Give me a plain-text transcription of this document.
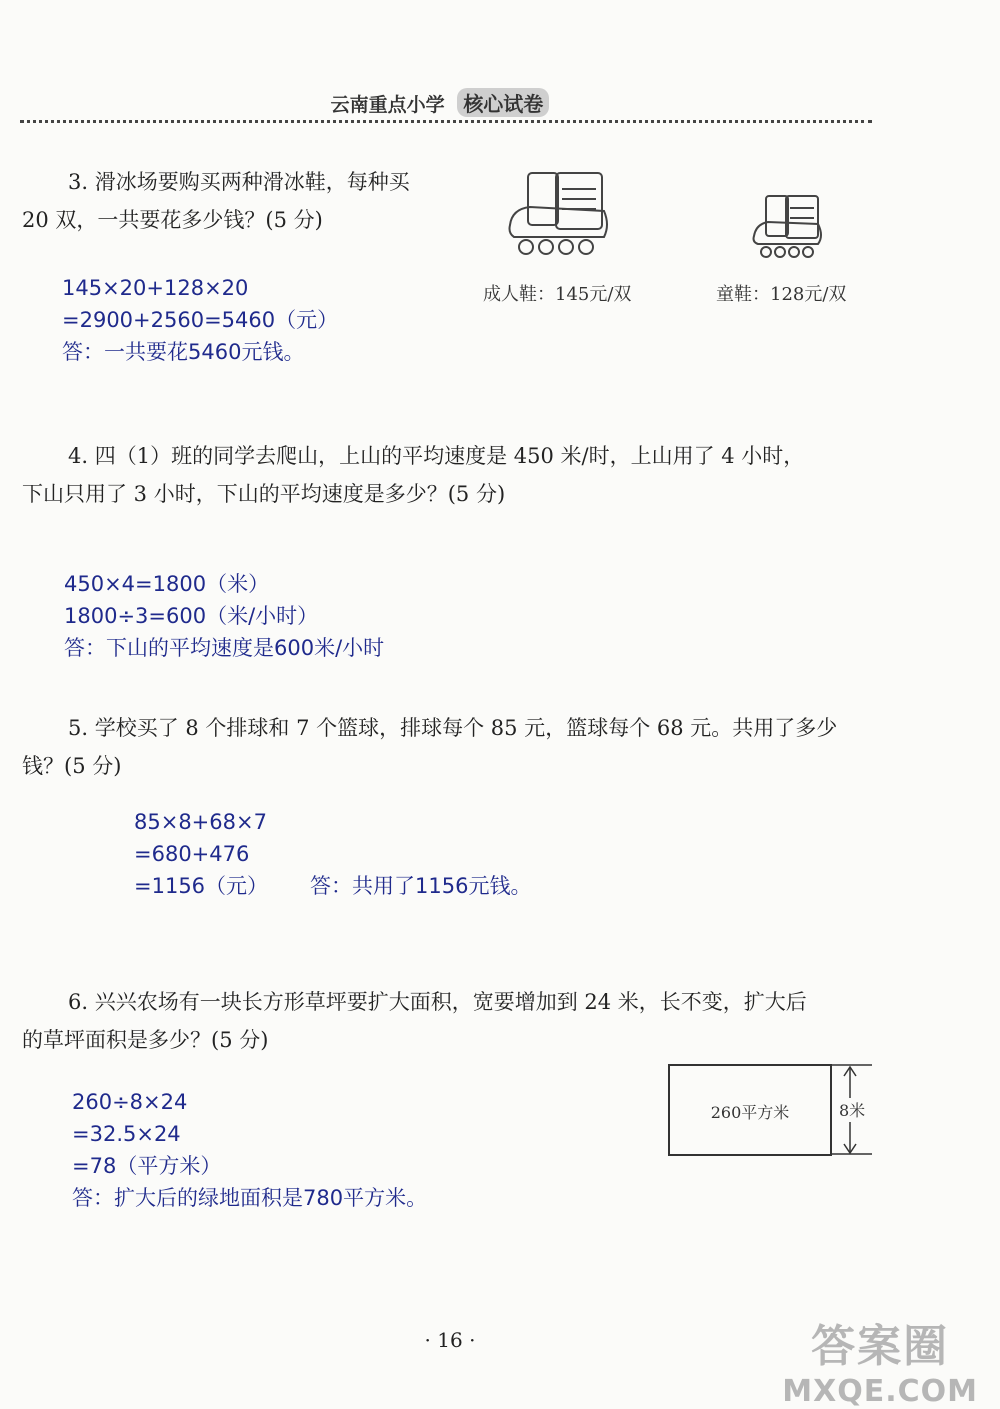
云南重点小学 核心试卷
3. 滑冰场要购买两种滑冰鞋，每种买
20 双，一共要花多少钱？(5 分)
成人鞋：145元/双	童鞋：128元/双
145×20+128×20
=2900+2560=5460（元）
答：一共要花5460元钱。
4. 四（1）班的同学去爬山，上山的平均速度是 450 米/时，上山用了 4 小时，
下山只用了 3 小时，下山的平均速度是多少？(5 分)
450×4=1800（米）
1800÷3=600（米/小时）
答：下山的平均速度是600米/小时
5. 学校买了 8 个排球和 7 个篮球，排球每个 85 元，篮球每个 68 元。共用了多少
钱？(5 分)
85×8+68×7
=680+476
=1156（元） 答：共用了1156元钱。
6. 兴兴农场有一块长方形草坪要扩大面积，宽要增加到 24 米，长不变，扩大后
的草坪面积是多少？(5 分)
260平方米	8米
260÷8×24
=32.5×24
=78（平方米）
答：扩大后的绿地面积是780平方米。
· 16 ·	答案圈
MXQE.COM
